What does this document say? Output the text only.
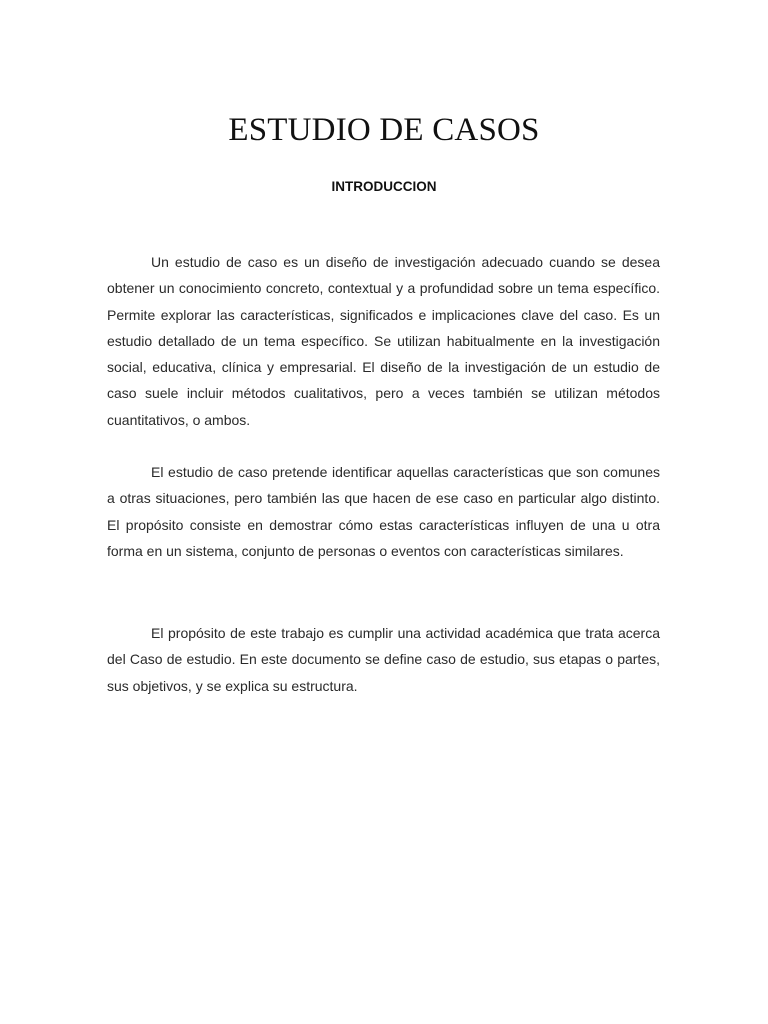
ESTUDIO DE CASOS
INTRODUCCION

Un estudio de caso es un diseño de investigación adecuado cuando se desea obtener un conocimiento concreto, contextual y a profundidad sobre un tema específico. Permite explorar las características, significados e implicaciones clave del caso. Es un estudio detallado de un tema específico. Se utilizan habitualmente en la investigación social, educativa, clínica y empresarial. El diseño de la investigación de un estudio de caso suele incluir métodos cualitativos, pero a veces también se utilizan métodos cuantitativos, o ambos.

El estudio de caso pretende identificar aquellas características que son comunes a otras situaciones, pero también las que hacen de ese caso en particular algo distinto. El propósito consiste en demostrar cómo estas características influyen de una u otra forma en un sistema, conjunto de personas o eventos con características similares.

El propósito de este trabajo es cumplir una actividad académica que trata acerca del Caso de estudio. En este documento se define caso de estudio, sus etapas o partes, sus objetivos, y se explica su estructura.
